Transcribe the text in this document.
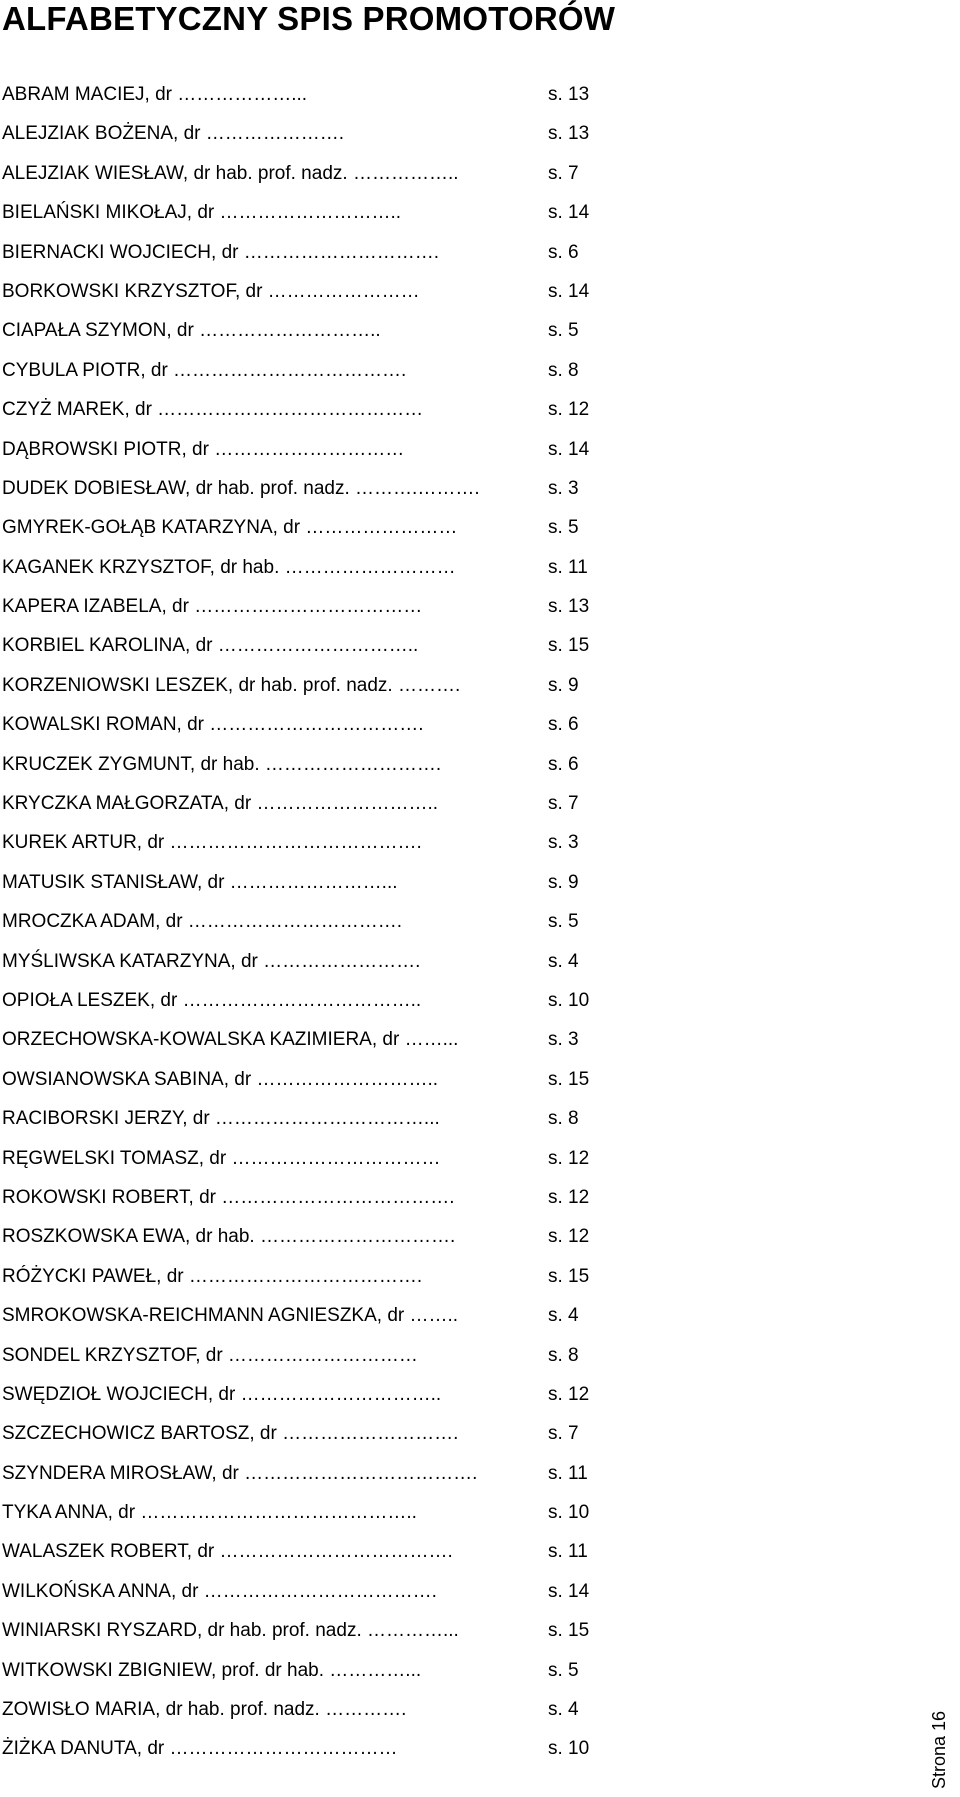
ALFABETYCZNY SPIS PROMOTORÓW
ABRAM MACIEJ, dr ………………...	s. 13
ALEJZIAK BOŻENA, dr ………………….	s. 13
ALEJZIAK WIESŁAW, dr hab. prof. nadz. ……………..	s. 7
BIELAŃSKI MIKOŁAJ, dr ………………………..	s. 14
BIERNACKI WOJCIECH, dr ………………………….	s. 6
BORKOWSKI KRZYSZTOF, dr ……………………	s. 14
CIAPAŁA SZYMON, dr ………………………..	s. 5
CYBULA PIOTR, dr ……………………………….	s. 8
CZYŻ MAREK, dr ……………………………………	s. 12
DĄBROWSKI PIOTR, dr …………………………	s. 14
DUDEK DOBIESŁAW, dr hab. prof. nadz. ……….……….	s. 3
GMYREK-GOŁĄB KATARZYNA, dr ……………………	s. 5
KAGANEK KRZYSZTOF, dr hab. ………………………	s. 11
KAPERA IZABELA, dr ………………………………	s. 13
KORBIEL KAROLINA, dr …………………………..	s. 15
KORZENIOWSKI LESZEK, dr hab. prof. nadz. ……….	s. 9
KOWALSKI ROMAN, dr …………………………….	s. 6
KRUCZEK ZYGMUNT, dr hab. ……………………….	s. 6
KRYCZKA MAŁGORZATA, dr ………………………..	s. 7
KUREK ARTUR, dr ………………………………….	s. 3
MATUSIK STANISŁAW, dr ……………………...	s. 9
MROCZKA ADAM, dr …………………………….	s. 5
MYŚLIWSKA KATARZYNA, dr …………………….	s. 4
OPIOŁA LESZEK, dr ………………………………..	s. 10
ORZECHOWSKA-KOWALSKA KAZIMIERA, dr ……...	s. 3
OWSIANOWSKA SABINA, dr ………………………..	s. 15
RACIBORSKI JERZY, dr ……………………………...	s. 8
RĘGWELSKI TOMASZ, dr ……………………………	s. 12
ROKOWSKI ROBERT, dr ……………………………….	s. 12
ROSZKOWSKA EWA, dr hab. ………………………….	s. 12
RÓŻYCKI PAWEŁ, dr ……………………………….	s. 15
SMROKOWSKA-REICHMANN AGNIESZKA, dr ……..	s. 4
SONDEL KRZYSZTOF, dr …………………………	s. 8
SWĘDZIOŁ WOJCIECH, dr …………………………..	s. 12
SZCZECHOWICZ BARTOSZ, dr ……………………….	s. 7
SZYNDERA MIROSŁAW, dr ……………………………….	s. 11
TYKA ANNA, dr ……………………………………..	s. 10
WALASZEK ROBERT, dr ……………………………….	s. 11
WILKOŃSKA ANNA, dr ……………………………….	s. 14
WINIARSKI RYSZARD, dr hab. prof. nadz. …………...	s. 15
WITKOWSKI ZBIGNIEW, prof. dr hab. …………...	s. 5
ZOWISŁO MARIA, dr hab. prof. nadz. ………….	s. 4
ŻIŻKA DANUTA, dr ………………………………	s. 10	Strona 16
